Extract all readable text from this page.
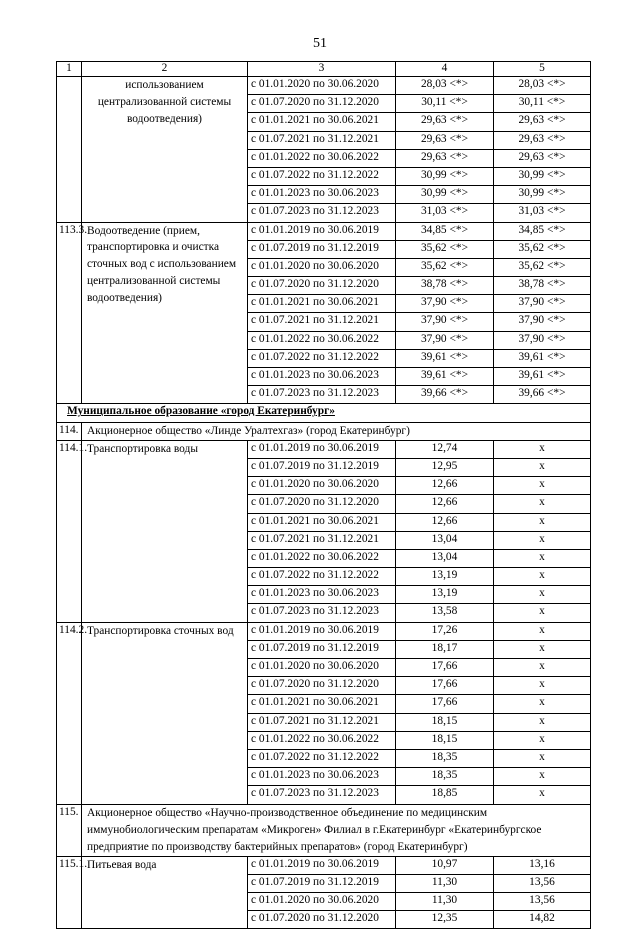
51
1	2	3	4	5
	использованием централизованной системы водоотведения)	с 01.01.2020 по 30.06.2020	28,03 <*>	28,03 <*>
		с 01.07.2020 по 31.12.2020	30,11 <*>	30,11 <*>
		с 01.01.2021 по 30.06.2021	29,63 <*>	29,63 <*>
		с 01.07.2021 по 31.12.2021	29,63 <*>	29,63 <*>
		с 01.01.2022 по 30.06.2022	29,63 <*>	29,63 <*>
		с 01.07.2022 по 31.12.2022	30,99 <*>	30,99 <*>
		с 01.01.2023 по 30.06.2023	30,99 <*>	30,99 <*>
		с 01.07.2023 по 31.12.2023	31,03 <*>	31,03 <*>
113.3.	Водоотведение (прием, транспортировка и очистка сточных вод с использованием централизованной системы водоотведения)	с 01.01.2019 по 30.06.2019	34,85 <*>	34,85 <*>
		с 01.07.2019 по 31.12.2019	35,62 <*>	35,62 <*>
		с 01.01.2020 по 30.06.2020	35,62 <*>	35,62 <*>
		с 01.07.2020 по 31.12.2020	38,78 <*>	38,78 <*>
		с 01.01.2021 по 30.06.2021	37,90 <*>	37,90 <*>
		с 01.07.2021 по 31.12.2021	37,90 <*>	37,90 <*>
		с 01.01.2022 по 30.06.2022	37,90 <*>	37,90 <*>
		с 01.07.2022 по 31.12.2022	39,61 <*>	39,61 <*>
		с 01.01.2023 по 30.06.2023	39,61 <*>	39,61 <*>
		с 01.07.2023 по 31.12.2023	39,66 <*>	39,66 <*>
Муниципальное образование «город Екатеринбург»				
114.	Акционерное общество «Линде Уралтехгаз» (город Екатеринбург)			
114.1.	Транспортировка воды	с 01.01.2019 по 30.06.2019	12,74	x
		с 01.07.2019 по 31.12.2019	12,95	x
		с 01.01.2020 по 30.06.2020	12,66	x
		с 01.07.2020 по 31.12.2020	12,66	x
		с 01.01.2021 по 30.06.2021	12,66	x
		с 01.07.2021 по 31.12.2021	13,04	x
		с 01.01.2022 по 30.06.2022	13,04	x
		с 01.07.2022 по 31.12.2022	13,19	x
		с 01.01.2023 по 30.06.2023	13,19	x
		с 01.07.2023 по 31.12.2023	13,58	x
114.2.	Транспортировка сточных вод	с 01.01.2019 по 30.06.2019	17,26	x
		с 01.07.2019 по 31.12.2019	18,17	x
		с 01.01.2020 по 30.06.2020	17,66	x
		с 01.07.2020 по 31.12.2020	17,66	x
		с 01.01.2021 по 30.06.2021	17,66	x
		с 01.07.2021 по 31.12.2021	18,15	x
		с 01.01.2022 по 30.06.2022	18,15	x
		с 01.07.2022 по 31.12.2022	18,35	x
		с 01.01.2023 по 30.06.2023	18,35	x
		с 01.07.2023 по 31.12.2023	18,85	x
115.	Акционерное общество «Научно-производственное объединение по медицинским иммунобиологическим препаратам «Микроген» Филиал в г.Екатеринбург «Екатеринбургское предприятие по производству бактерийных препаратов» (город Екатеринбург)			
115.1.	Питьевая вода	с 01.01.2019 по 30.06.2019	10,97	13,16
		с 01.07.2019 по 31.12.2019	11,30	13,56
		с 01.01.2020 по 30.06.2020	11,30	13,56
		с 01.07.2020 по 31.12.2020	12,35	14,82
